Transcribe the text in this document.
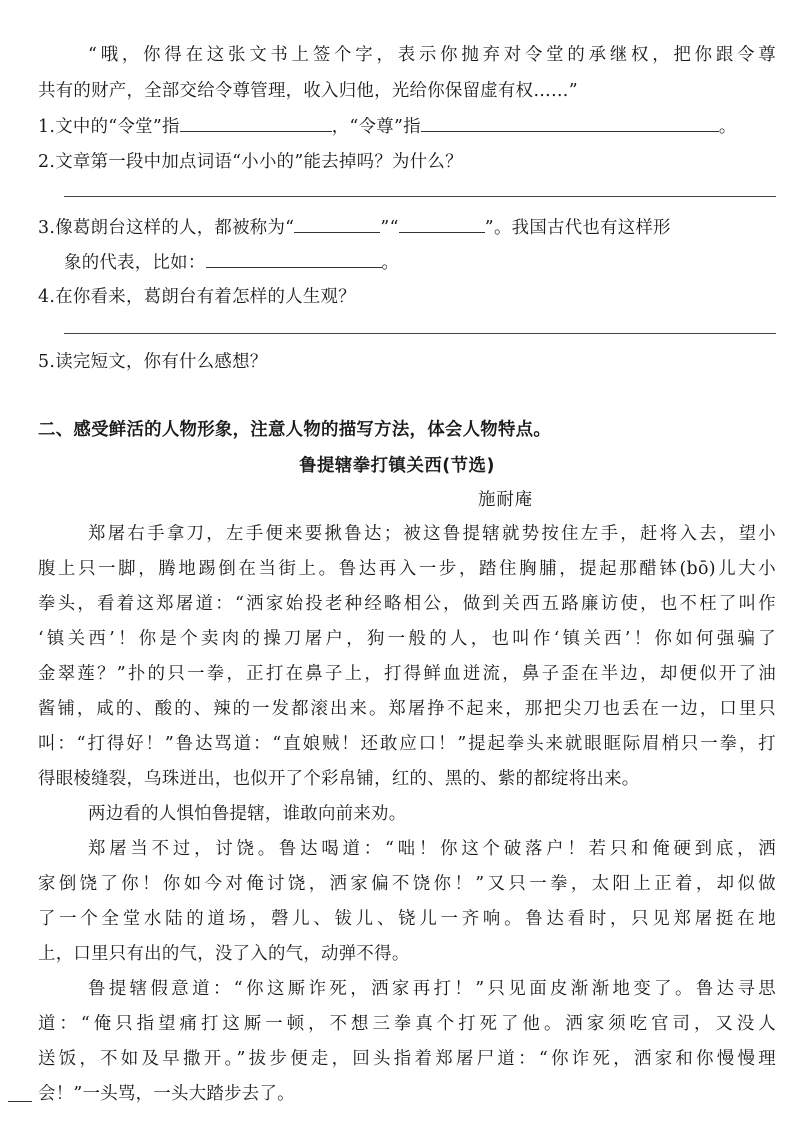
“哦，你得在这张文书上签个字，表示你抛弃对令堂的承继权，把你跟令尊
共有的财产，全部交给令尊管理，收入归他，光给你保留虚有权……”
1.文中的“令堂”指	，“令尊”指	。
2.文章第一段中加点词语“小小的”能去掉吗？为什么？
3.像葛朗台这样的人，都被称为“	”“	”。我国古代也有这样形
象的代表，比如：	。
4.在你看来，葛朗台有着怎样的人生观？
5.读完短文，你有什么感想？
二、感受鲜活的人物形象，注意人物的描写方法，体会人物特点。
鲁提辖拳打镇关西(节选)
施耐庵
郑屠右手拿刀，左手便来要揪鲁达；被这鲁提辖就势按住左手，赶将入去，望小
腹上只一脚，腾地踢倒在当街上。鲁达再入一步，踏住胸脯，提起那醋钵(bō)儿大小
拳头，看着这郑屠道：“洒家始投老种经略相公，做到关西五路廉访使，也不枉了叫作
‘镇关西’！你是个卖肉的操刀屠户，狗一般的人，也叫作‘镇关西’！你如何强骗了
金翠莲？”扑的只一拳，正打在鼻子上，打得鲜血迸流，鼻子歪在半边，却便似开了油
酱铺，咸的、酸的、辣的一发都滚出来。郑屠挣不起来，那把尖刀也丢在一边，口里只
叫：“打得好！”鲁达骂道：“直娘贼！还敢应口！”提起拳头来就眼眶际眉梢只一拳，打
得眼棱缝裂，乌珠迸出，也似开了个彩帛铺，红的、黑的、紫的都绽将出来。
两边看的人惧怕鲁提辖，谁敢向前来劝。
郑屠当不过，讨饶。鲁达喝道：“咄！你这个破落户！若只和俺硬到底，洒
家倒饶了你！你如今对俺讨饶，洒家偏不饶你！”又只一拳，太阳上正着，却似做
了一个全堂水陆的道场，磬儿、钹儿、铙儿一齐响。鲁达看时，只见郑屠挺在地
上，口里只有出的气，没了入的气，动弹不得。
鲁提辖假意道：“你这厮诈死，洒家再打！”只见面皮渐渐地变了。鲁达寻思
道：“俺只指望痛打这厮一顿，不想三拳真个打死了他。洒家须吃官司，又没人
送饭，不如及早撒开。”拔步便走，回头指着郑屠尸道：“你诈死，洒家和你慢慢理
会！”一头骂，一头大踏步去了。
